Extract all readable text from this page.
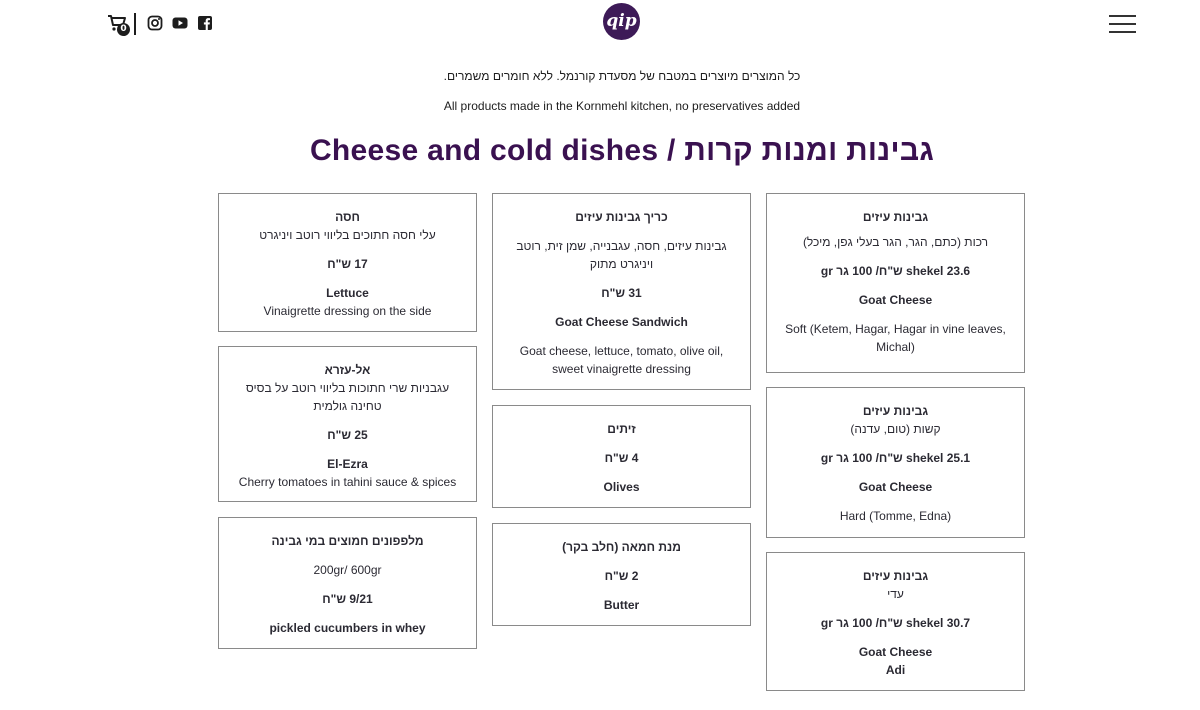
0	qip
כל המוצרים מיוצרים במטבח של מסעדת קורנמל. ללא חומרים משמרים.
All products made in the Kornmehl kitchen, no preservatives added
Cheese and cold dishes / גבינות ומנות קרות
גבינות עיזים
רכות (כתם, הגר, הגר בעלי גפן, מיכל)
23.6 shekel ש"ח/ 100 גר gr
Goat Cheese
Soft (Ketem, Hagar, Hagar in vine leaves, Michal)
גבינות עיזים
קשות (טום, עדנה)
25.1 shekel ש"ח/ 100 גר gr
Goat Cheese
Hard (Tomme, Edna)
גבינות עיזים
עדי
30.7 shekel ש"ח/ 100 גר gr
Goat Cheese
Adi
כריך גבינות עיזים
גבינות עיזים, חסה, עגבנייה, שמן זית, רוטב ויניגרט מתוק
31 ש"ח
Goat Cheese Sandwich
Goat cheese, lettuce, tomato, olive oil, sweet vinaigrette dressing
זיתים
4 ש"ח
Olives
מנת חמאה (חלב בקר)
2 ש"ח
Butter
חסה
עלי חסה חתוכים בליווי רוטב ויניגרט
17 ש"ח
Lettuce
Vinaigrette dressing on the side
אל-עזרא
עגבניות שרי חתוכות בליווי רוטב על בסיס טחינה גולמית
25 ש"ח
El-Ezra
Cherry tomatoes in tahini sauce & spices
מלפפונים חמוצים במי גבינה
200gr/ 600gr
9/21 ש"ח
pickled cucumbers in whey
